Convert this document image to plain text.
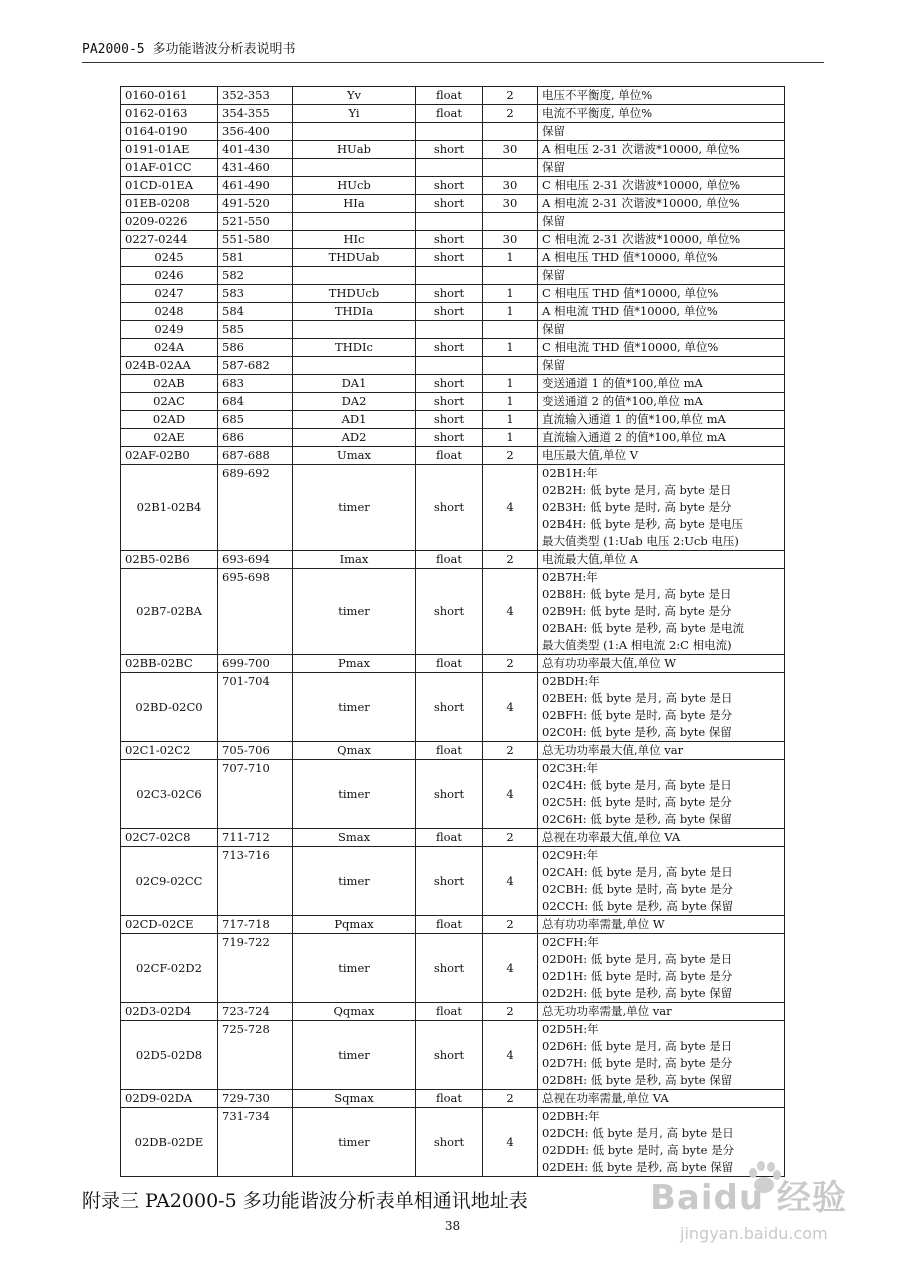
PA2000-5 多功能谐波分析表说明书
0160-0161	352-353	Yv	float	2	电压不平衡度, 单位%

0162-0163	354-355	Yi	float	2	电流不平衡度, 单位%

0164-0190	356-400				保留

0191-01AE	401-430	HUab	short	30	A 相电压 2-31 次谐波*10000, 单位%

01AF-01CC	431-460				保留

01CD-01EA	461-490	HUcb	short	30	C 相电压 2-31 次谐波*10000, 单位%

01EB-0208	491-520	HIa	short	30	A 相电流 2-31 次谐波*10000, 单位%

0209-0226	521-550				保留

0227-0244	551-580	HIc	short	30	C 相电流 2-31 次谐波*10000, 单位%

0245	581	THDUab	short	1	A 相电压 THD 值*10000, 单位%

0246	582				保留

0247	583	THDUcb	short	1	C 相电压 THD 值*10000, 单位%

0248	584	THDIa	short	1	A 相电流 THD 值*10000, 单位%

0249	585				保留

024A	586	THDIc	short	1	C 相电流 THD 值*10000, 单位%

024B-02AA	587-682				保留

02AB	683	DA1	short	1	变送通道 1 的值*100,单位 mA

02AC	684	DA2	short	1	变送通道 2 的值*100,单位 mA

02AD	685	AD1	short	1	直流输入通道 1 的值*100,单位 mA

02AE	686	AD2	short	1	直流输入通道 2 的值*100,单位 mA

02AF-02B0	687-688	Umax	float	2	电压最大值,单位 V

02B1-02B4	689-692	timer	short	4	02B1H:年
02B2H: 低 byte 是月, 高 byte 是日
02B3H: 低 byte 是时, 高 byte 是分
02B4H: 低 byte 是秒, 高 byte 是电压
最大值类型 (1:Uab 电压 2:Ucb 电压)

02B5-02B6	693-694	Imax	float	2	电流最大值,单位 A

02B7-02BA	695-698	timer	short	4	02B7H:年
02B8H: 低 byte 是月, 高 byte 是日
02B9H: 低 byte 是时, 高 byte 是分
02BAH: 低 byte 是秒, 高 byte 是电流
最大值类型 (1:A 相电流 2:C 相电流)

02BB-02BC	699-700	Pmax	float	2	总有功功率最大值,单位 W

02BD-02C0	701-704	timer	short	4	02BDH:年
02BEH: 低 byte 是月, 高 byte 是日
02BFH: 低 byte 是时, 高 byte 是分
02C0H: 低 byte 是秒, 高 byte 保留

02C1-02C2	705-706	Qmax	float	2	总无功功率最大值,单位 var

02C3-02C6	707-710	timer	short	4	02C3H:年
02C4H: 低 byte 是月, 高 byte 是日
02C5H: 低 byte 是时, 高 byte 是分
02C6H: 低 byte 是秒, 高 byte 保留

02C7-02C8	711-712	Smax	float	2	总视在功率最大值,单位 VA

02C9-02CC	713-716	timer	short	4	02C9H:年
02CAH: 低 byte 是月, 高 byte 是日
02CBH: 低 byte 是时, 高 byte 是分
02CCH: 低 byte 是秒, 高 byte 保留

02CD-02CE	717-718	Pqmax	float	2	总有功功率需量,单位 W

02CF-02D2	719-722	timer	short	4	02CFH:年
02D0H: 低 byte 是月, 高 byte 是日
02D1H: 低 byte 是时, 高 byte 是分
02D2H: 低 byte 是秒, 高 byte 保留

02D3-02D4	723-724	Qqmax	float	2	总无功功率需量,单位 var

02D5-02D8	725-728	timer	short	4	02D5H:年
02D6H: 低 byte 是月, 高 byte 是日
02D7H: 低 byte 是时, 高 byte 是分
02D8H: 低 byte 是秒, 高 byte 保留

02D9-02DA	729-730	Sqmax	float	2	总视在功率需量,单位 VA

02DB-02DE	731-734	timer	short	4	02DBH:年
02DCH: 低 byte 是月, 高 byte 是日
02DDH: 低 byte 是时, 高 byte 是分
02DEH: 低 byte 是秒, 高 byte 保留
附录三 PA2000-5 多功能谐波分析表单相通讯地址表
38
Baidu 经验
jingyan.baidu.com
